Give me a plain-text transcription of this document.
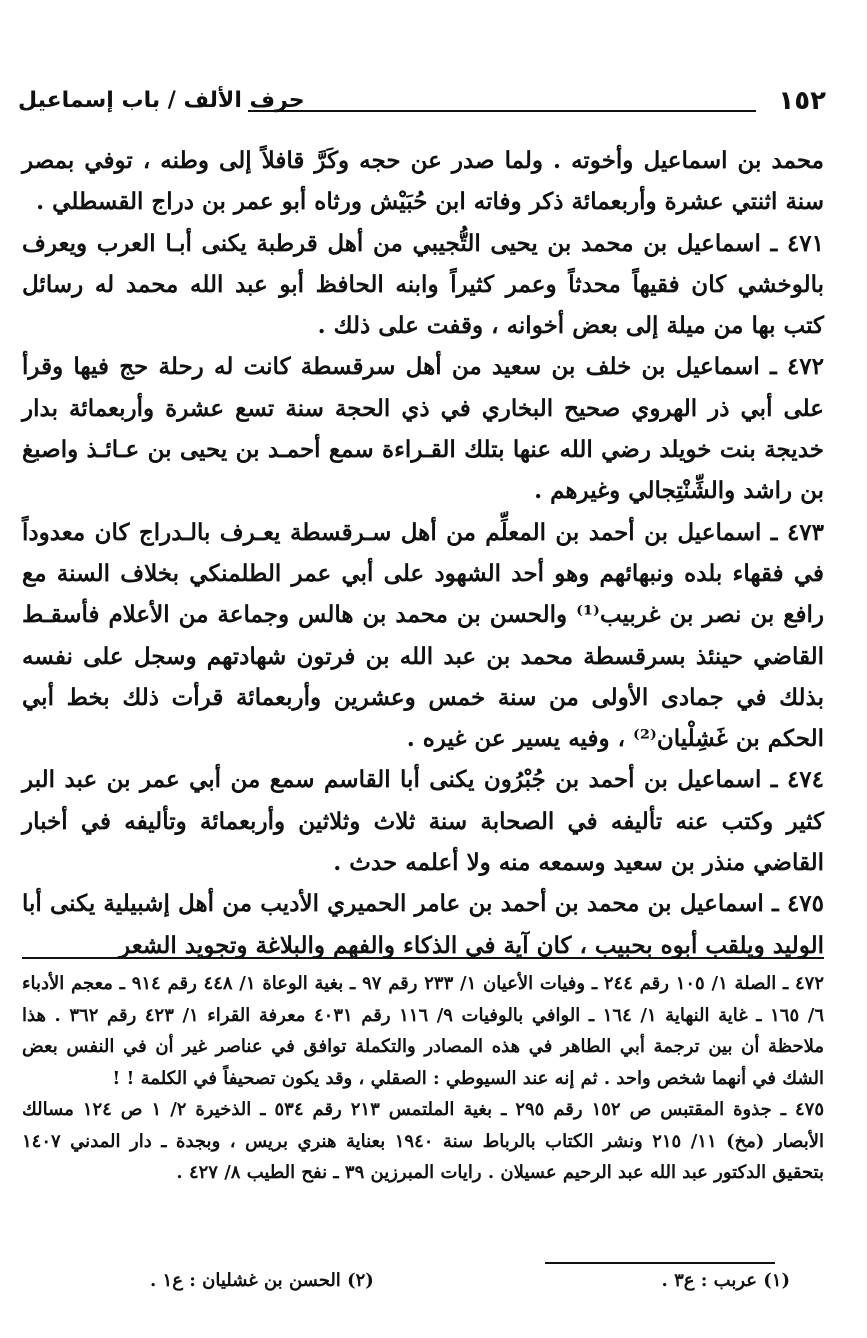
١٥٢
حرف الألف / باب إسماعيل

محمد بن اسماعيل وأخوته . ولما صدر عن حجه وكَرَّ قافلاً إلى وطنه ، توفي بمصر سنة اثنتي عشرة وأربعمائة ذكر وفاته ابن حُبَيْش ورثاه أبو عمر بن دراج القسطلي .

٤٧١ ـ اسماعيل بن محمد بن يحيى التُّجيبي من أهل قرطبة يكنى أبـا العرب ويعرف بالوخشي كان فقيهاً محدثاً وعمر كثيراً وابنه الحافظ أبو عبد الله محمد له رسائل كتب بها من ميلة إلى بعض أخوانه ، وقفت على ذلك .

٤٧٢ ـ اسماعيل بن خلف بن سعيد من أهل سرقسطة كانت له رحلة حج فيها وقرأ على أبي ذر الهروي صحيح البخاري في ذي الحجة سنة تسع عشرة وأربعمائة بدار خديجة بنت خويلد رضي الله عنها بتلك القـراءة سمع أحمـد بن يحيى بن عـائـذ واصبغ بن راشد والشِّنْتِجالي وغيرهم .

٤٧٣ ـ اسماعيل بن أحمد بن المعلِّم من أهل سـرقسطة يعـرف بالـدراج كان معدوداً في فقهاء بلده ونبهائهم وهو أحد الشهود على أبي عمر الطلمنكي بخلاف السنة مع رافع بن نصر بن غربيب⁽¹⁾ والحسن بن محمد بن هالس وجماعة من الأعلام فأسقـط القاضي حينئذ بسرقسطة محمد بن عبد الله بن فرتون شهادتهم وسجل على نفسه بذلك في جمادى الأولى من سنة خمس وعشرين وأربعمائة قرأت ذلك بخط أبي الحكم بن غَشِلْيان⁽²⁾ ، وفيه يسير عن غيره .

٤٧٤ ـ اسماعيل بن أحمد بن جُبْرُون يكنى أبا القاسم سمع من أبي عمر بن عبد البر كثير وكتب عنه تأليفه في الصحابة سنة ثلاث وثلاثين وأربعمائة وتأليفه في أخبار القاضي منذر بن سعيد وسمعه منه ولا أعلمه حدث .

٤٧٥ ـ اسماعيل بن محمد بن أحمد بن عامر الحميري الأديب من أهل إشبيلية يكنى أبا الوليد ويلقب أبوه بحبيب ، كان آية في الذكاء والفهم والبلاغة وتجويد الشعر

٤٧٢ ـ الصلة ١/ ١٠٥ رقم ٢٤٤ ـ وفيات الأعيان ١/ ٢٣٣ رقم ٩٧ ـ بغية الوعاة ١/ ٤٤٨ رقم ٩١٤ ـ معجم الأدباء ٦/ ١٦٥ ـ غاية النهاية ١/ ١٦٤ ـ الوافي بالوفيات ٩/ ١١٦ رقم ٤٠٣١ معرفة القراء ١/ ٤٢٣ رقم ٣٦٢ . هذا ملاحظة أن بين ترجمة أبي الطاهر في هذه المصادر والتكملة توافق في عناصر غير أن في النفس بعض الشك في أنهما شخص واحد . ثم إنه عند السيوطي : الصقلي ، وقد يكون تصحيفاً في الكلمة ! !

٤٧٥ ـ جذوة المقتبس ص ١٥٢ رقم ٢٩٥ ـ بغية الملتمس ٢١٣ رقم ٥٣٤ ـ الذخيرة ٢/ ١ ص ١٢٤ مسالك الأبصار (مخ) ١١/ ٢١٥ ونشر الكتاب بالرباط سنة ١٩٤٠ بعناية هنري بريس ، وبجدة ـ دار المدني ١٤٠٧ بتحقيق الدكتور عبد الله عبد الرحيم عسيلان . رايات المبرزين ٣٩ ـ نفح الطيب ٨/ ٤٢٧ .

(١) عربب : ع٣ .
(٢) الحسن بن غشليان : ع١ .
